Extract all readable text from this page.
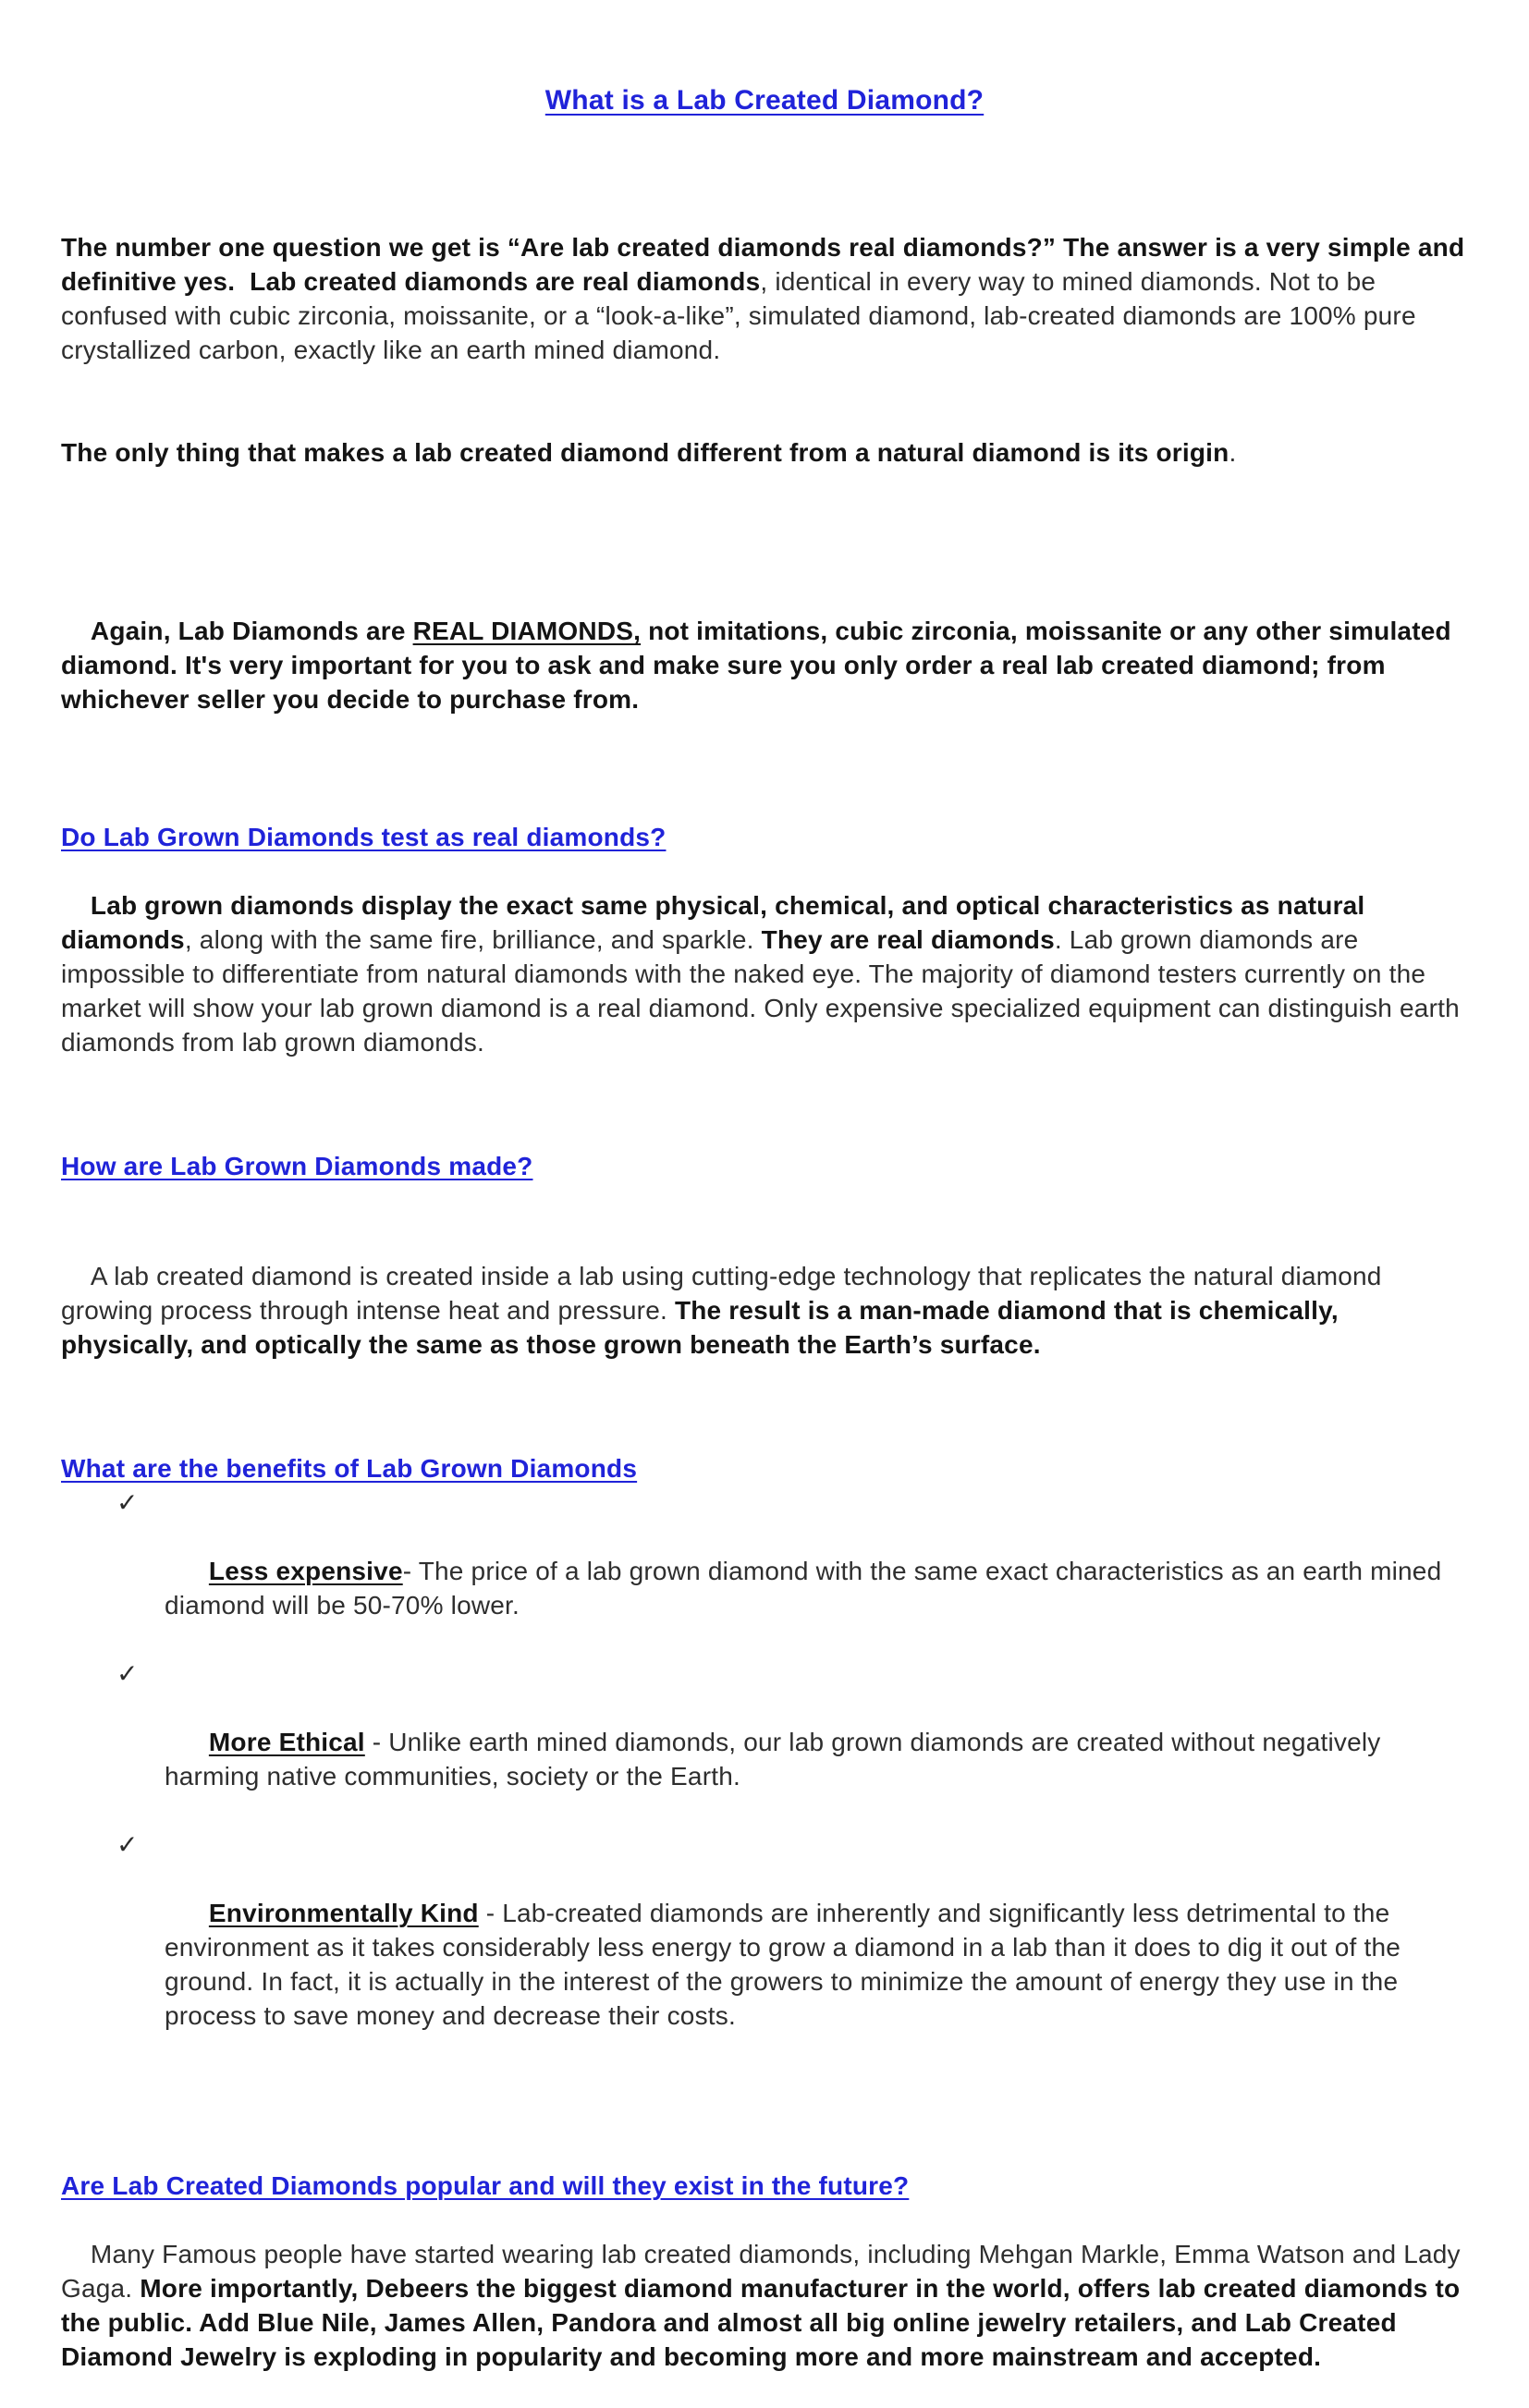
What is a Lab Created Diamond?

The number one question we get is “Are lab created diamonds real diamonds?” The answer is a very simple and definitive yes.  Lab created diamonds are real diamonds, identical in every way to mined diamonds. Not to be confused with cubic zirconia, moissanite, or a “look-a-like”, simulated diamond, lab-created diamonds are 100% pure crystallized carbon, exactly like an earth mined diamond.

The only thing that makes a lab created diamond different from a natural diamond is its origin.

Again, Lab Diamonds are REAL DIAMONDS, not imitations, cubic zirconia, moissanite or any other simulated diamond. It's very important for you to ask and make sure you only order a real lab created diamond; from whichever seller you decide to purchase from.

Do Lab Grown Diamonds test as real diamonds?

Lab grown diamonds display the exact same physical, chemical, and optical characteristics as natural diamonds, along with the same fire, brilliance, and sparkle. They are real diamonds. Lab grown diamonds are impossible to differentiate from natural diamonds with the naked eye. The majority of diamond testers currently on the market will show your lab grown diamond is a real diamond. Only expensive specialized equipment can distinguish earth diamonds from lab grown diamonds.

How are Lab Grown Diamonds made?

A lab created diamond is created inside a lab using cutting-edge technology that replicates the natural diamond growing process through intense heat and pressure. The result is a man-made diamond that is chemically, physically, and optically the same as those grown beneath the Earth’s surface.

What are the benefits of Lab Grown Diamonds

✓

Less expensive- The price of a lab grown diamond with the same exact characteristics as an earth mined diamond will be 50-70% lower.

✓

More Ethical - Unlike earth mined diamonds, our lab grown diamonds are created without negatively harming native communities, society or the Earth.

✓

Environmentally Kind - Lab-created diamonds are inherently and significantly less detrimental to the environment as it takes considerably less energy to grow a diamond in a lab than it does to dig it out of the ground. In fact, it is actually in the interest of the growers to minimize the amount of energy they use in the process to save money and decrease their costs.

Are Lab Created Diamonds popular and will they exist in the future?

Many Famous people have started wearing lab created diamonds, including Mehgan Markle, Emma Watson and Lady Gaga. More importantly, Debeers the biggest diamond manufacturer in the world, offers lab created diamonds to the public. Add Blue Nile, James Allen, Pandora and almost all big online jewelry retailers, and Lab Created Diamond Jewelry is exploding in popularity and becoming more and more mainstream and accepted.
